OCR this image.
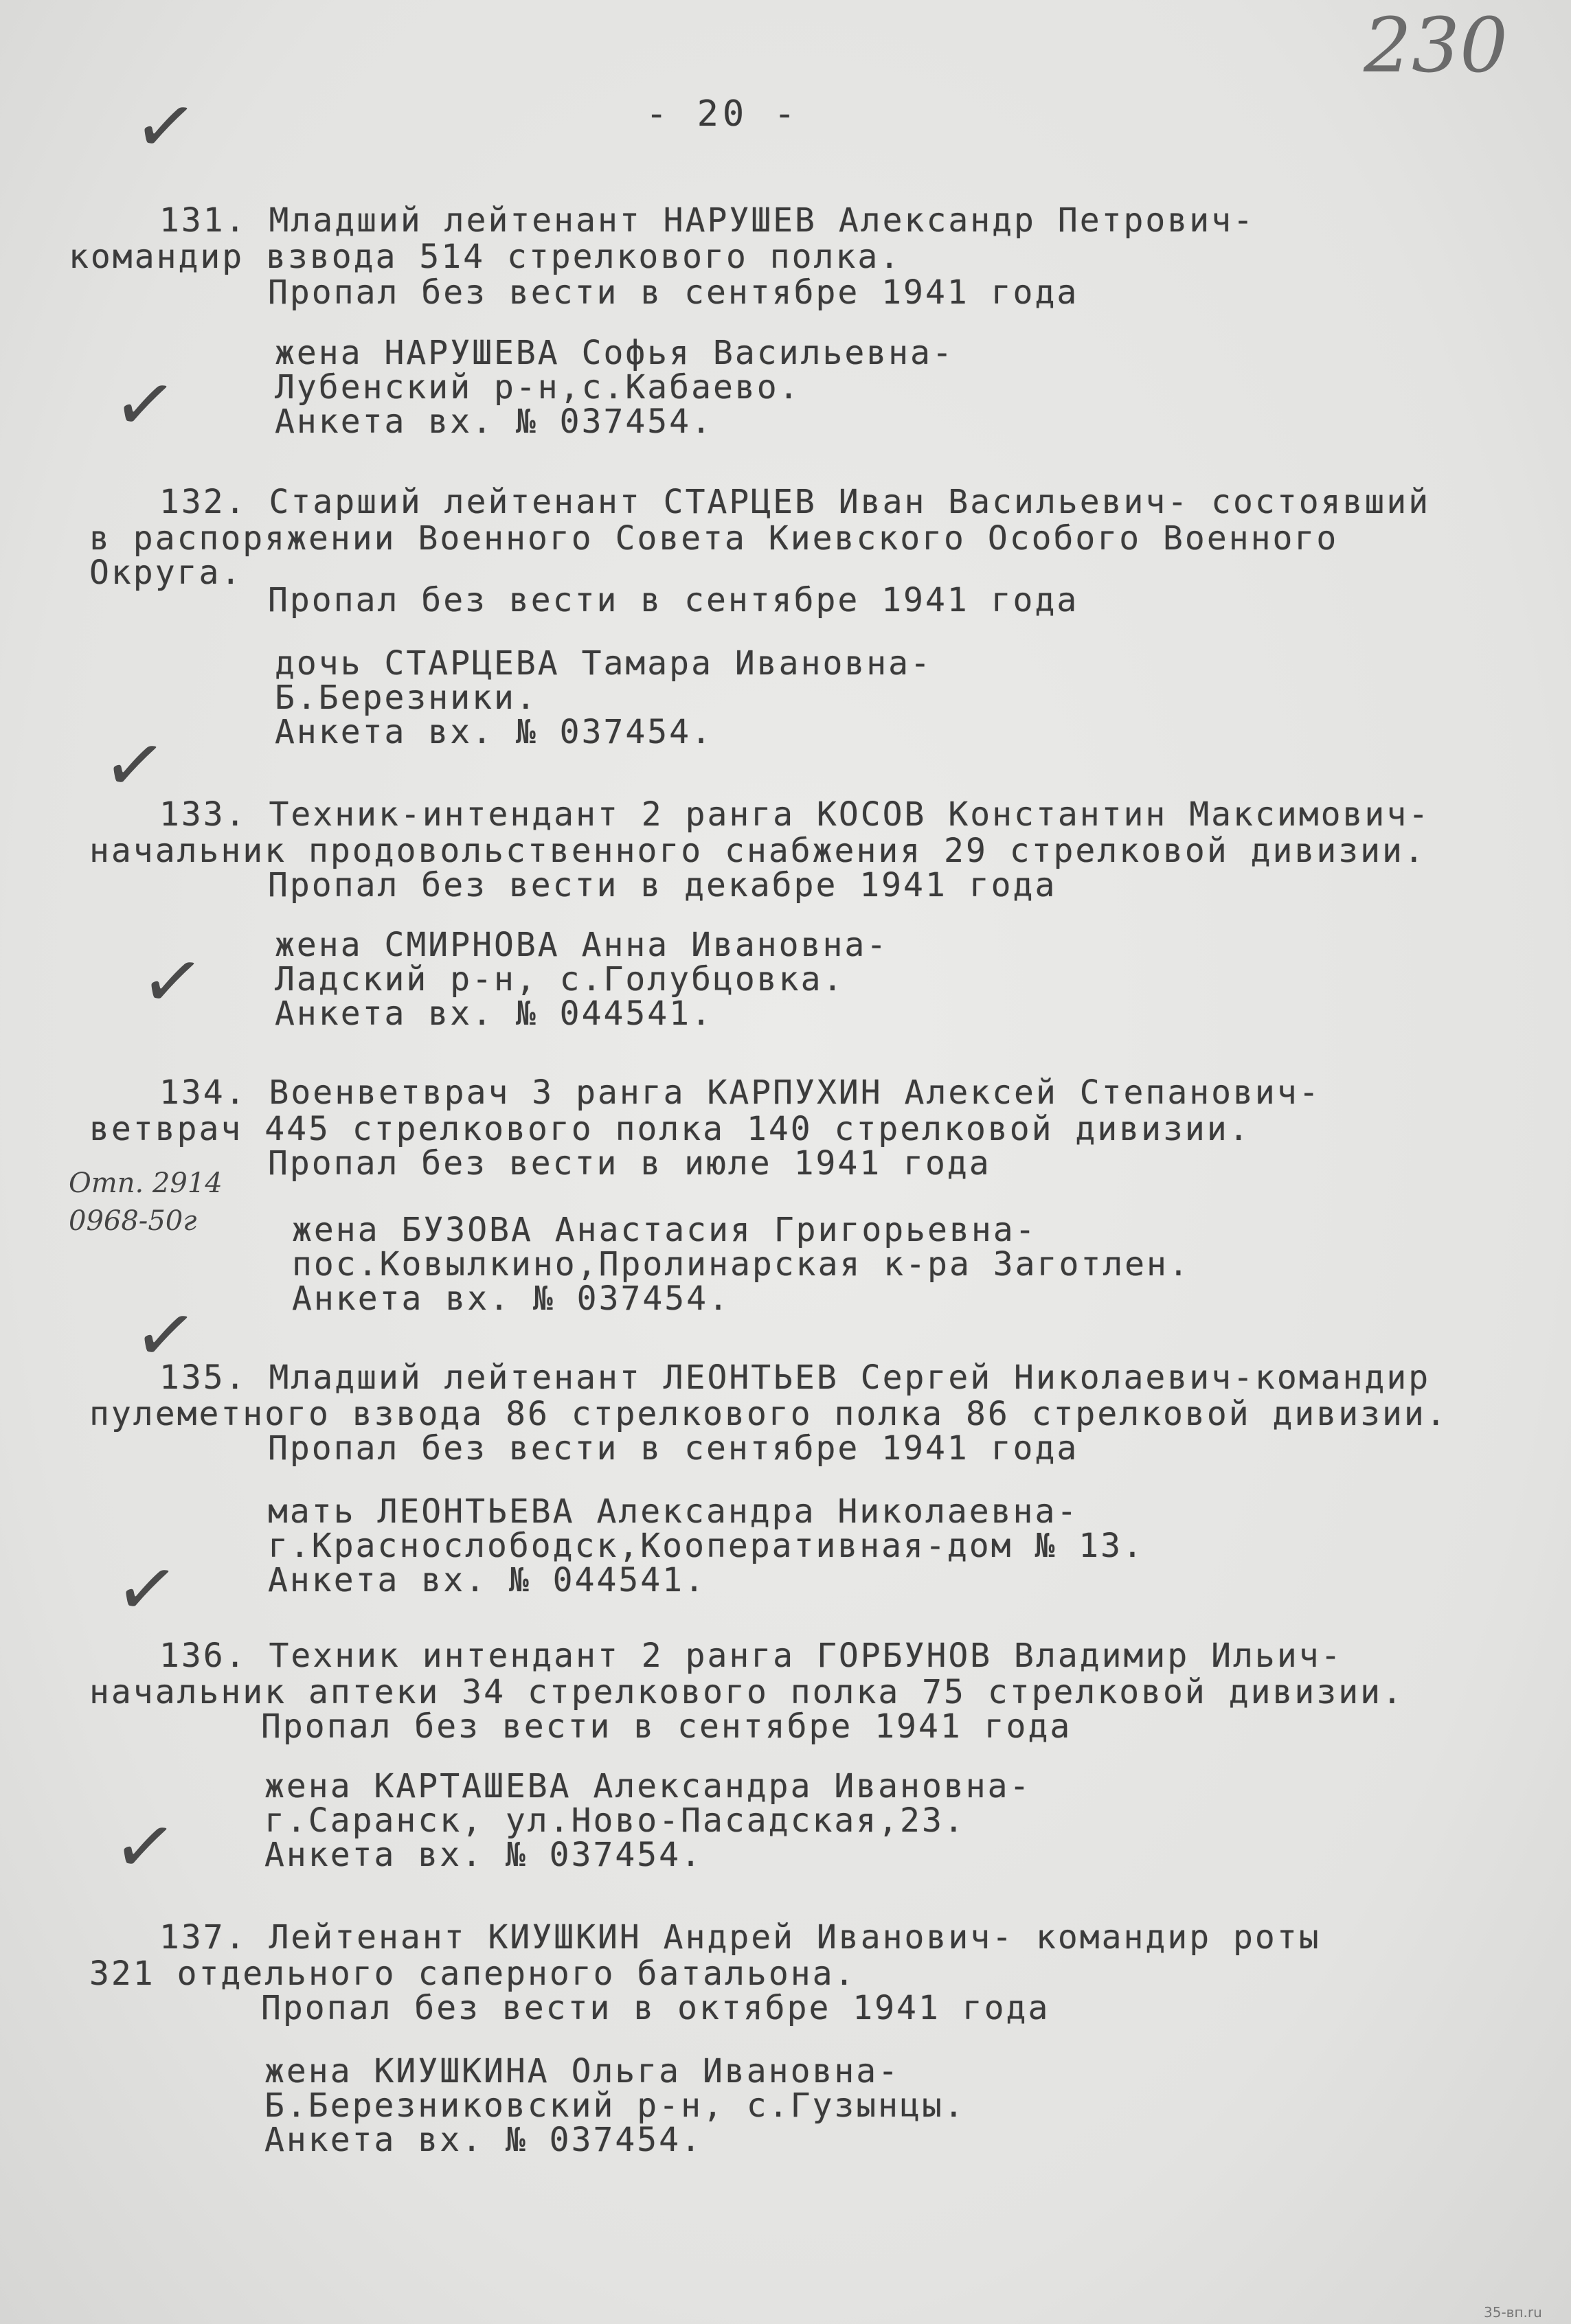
230
- 20 -
✓
✓
✓
✓
✓
✓
✓
Отп. 2914
0968-50г
131. Младший лейтенант НАРУШЕВ Александр Петрович-
командир взвода 514 стрелкового полка.
Пропал без вести в сентябре 1941 года
жена НАРУШЕВА Софья Васильевна-
Лубенский р-н,с.Кабаево.
Анкета вх. № 037454.
132. Старший лейтенант СТАРЦЕВ Иван Васильевич- состоявший
в распоряжении Военного Совета Киевского Особого Военного
Округа.
Пропал без вести в сентябре 1941 года
дочь СТАРЦЕВА Тамара Ивановна-
Б.Березники.
Анкета вх. № 037454.
133. Техник-интендант 2 ранга КОСОВ Константин Максимович-
начальник продовольственного снабжения 29 стрелковой дивизии.
Пропал без вести в декабре 1941 года
жена СМИРНОВА Анна Ивановна-
Ладский р-н, с.Голубцовка.
Анкета вх. № 044541.
134. Военветврач 3 ранга КАРПУХИН Алексей Степанович-
ветврач 445 стрелкового полка 140 стрелковой дивизии.
Пропал без вести в июле 1941 года
жена БУЗОВА Анастасия Григорьевна-
пос.Ковылкино,Пролинарская к-ра Заготлен.
Анкета вх. № 037454.
135. Младший лейтенант ЛЕОНТЬЕВ Сергей Николаевич-командир
пулеметного взвода 86 стрелкового полка 86 стрелковой дивизии.
Пропал без вести в сентябре 1941 года
мать ЛЕОНТЬЕВА Александра Николаевна-
г.Краснослободск,Кооперативная-дом № 13.
Анкета вх. № 044541.
136. Техник интендант 2 ранга ГОРБУНОВ Владимир Ильич-
начальник аптеки 34 стрелкового полка 75 стрелковой дивизии.
Пропал без вести в сентябре 1941 года
жена КАРТАШЕВА Александра Ивановна-
г.Саранск, ул.Ново-Пасадская,23.
Анкета вх. № 037454.
137. Лейтенант КИУШКИН Андрей Иванович- командир роты
321 отдельного саперного батальона.
Пропал без вести в октябре 1941 года
жена КИУШКИНА Ольга Ивановна-
Б.Березниковский р-н, с.Гузынцы.
Анкета вх. № 037454.
35-вп.ru
